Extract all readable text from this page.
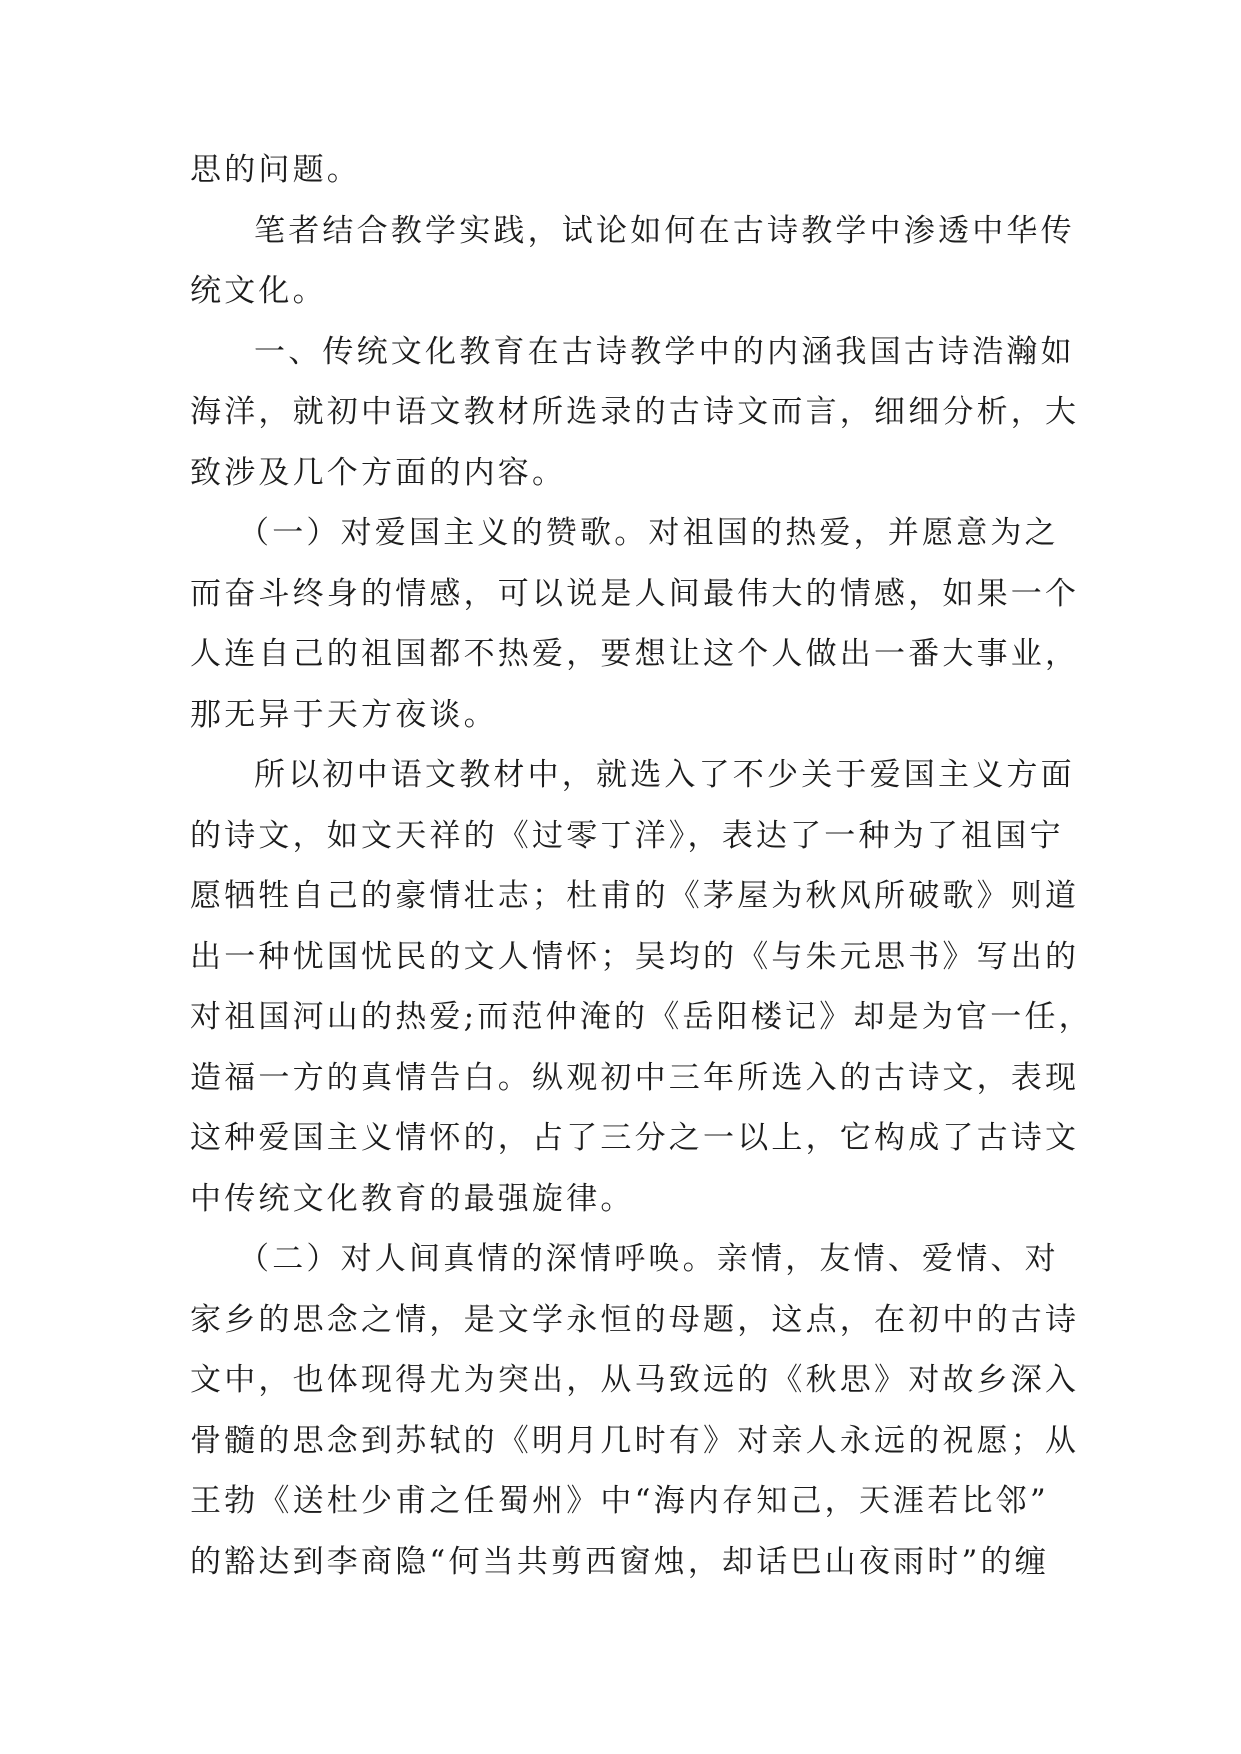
思的问题。
笔者结合教学实践，试论如何在古诗教学中渗透中华传
统文化。
一、传统文化教育在古诗教学中的内涵我国古诗浩瀚如
海洋，就初中语文教材所选录的古诗文而言，细细分析，大
致涉及几个方面的内容。
（一）对爱国主义的赞歌。对祖国的热爱，并愿意为之
而奋斗终身的情感，可以说是人间最伟大的情感，如果一个
人连自己的祖国都不热爱，要想让这个人做出一番大事业，
那无异于天方夜谈。
所以初中语文教材中，就选入了不少关于爱国主义方面
的诗文，如文天祥的《过零丁洋》，表达了一种为了祖国宁
愿牺牲自己的豪情壮志；杜甫的《茅屋为秋风所破歌》则道
出一种忧国忧民的文人情怀；吴均的《与朱元思书》写出的
对祖国河山的热爱;而范仲淹的《岳阳楼记》却是为官一任，
造福一方的真情告白。纵观初中三年所选入的古诗文，表现
这种爱国主义情怀的，占了三分之一以上，它构成了古诗文
中传统文化教育的最强旋律。
（二）对人间真情的深情呼唤。亲情，友情、爱情、对
家乡的思念之情，是文学永恒的母题，这点，在初中的古诗
文中，也体现得尤为突出，从马致远的《秋思》对故乡深入
骨髓的思念到苏轼的《明月几时有》对亲人永远的祝愿；从
王勃《送杜少甫之任蜀州》中“海内存知己，天涯若比邻”
的豁达到李商隐“何当共剪西窗烛，却话巴山夜雨时”的缠
